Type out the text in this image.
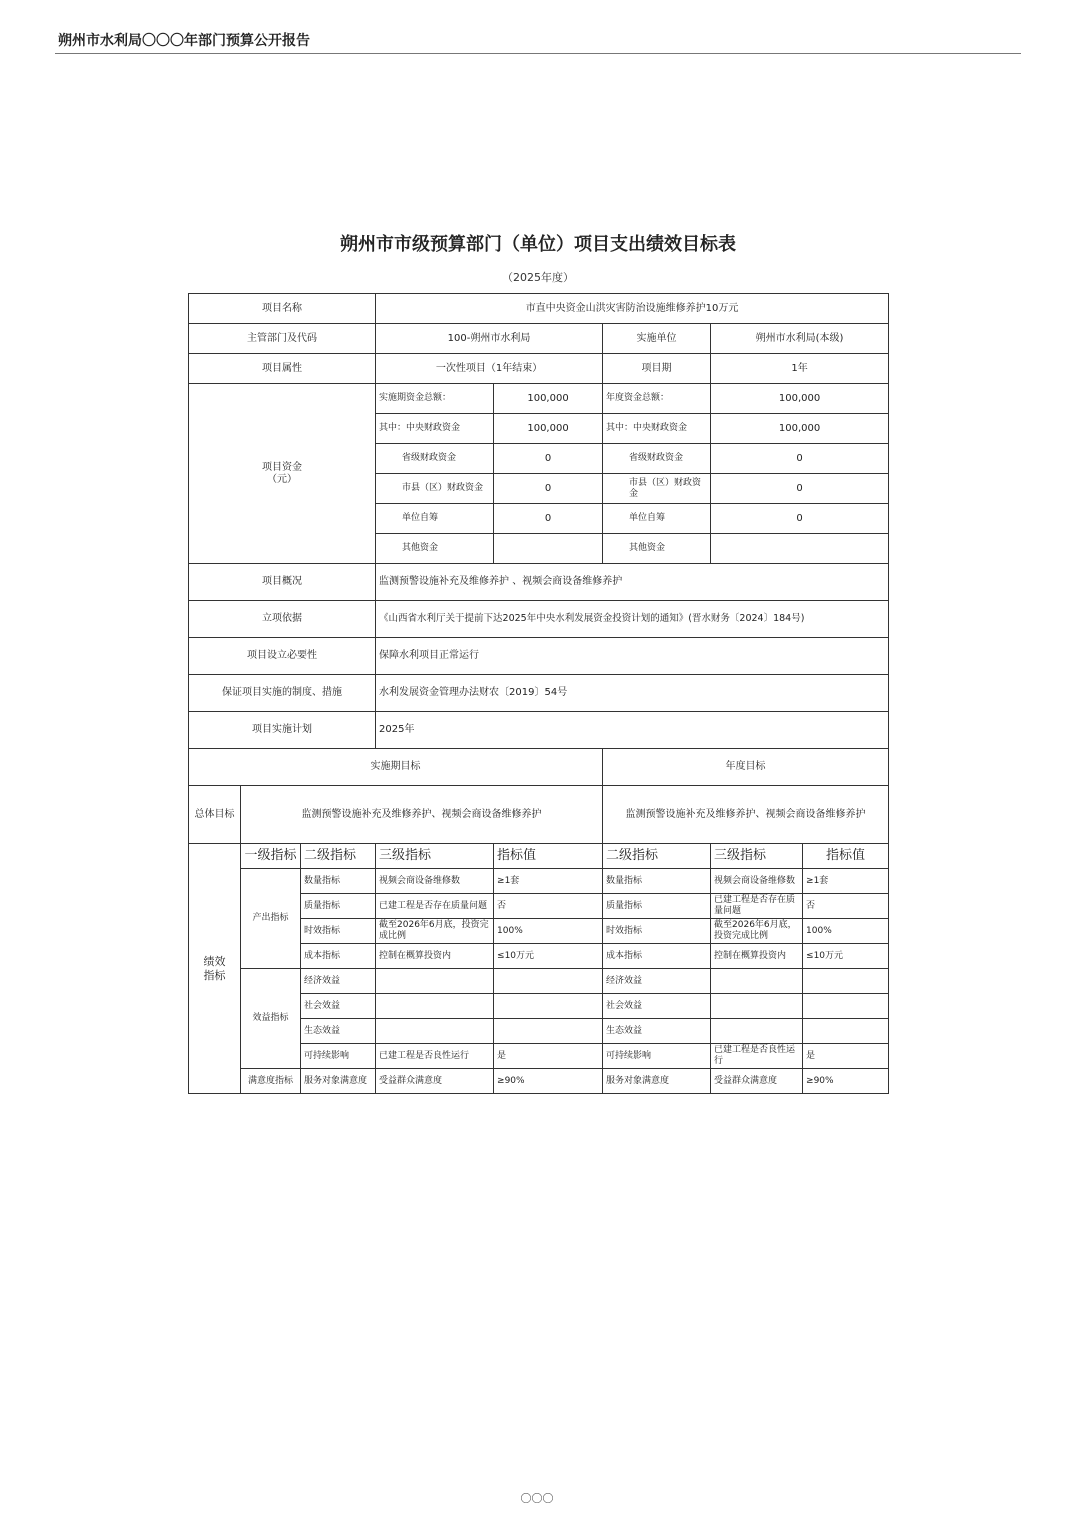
朔州市水利局〇〇〇年部门预算公开报告
朔州市市级预算部门（单位）项目支出绩效目标表
（2025年度）
项目名称			市直中央资金山洪灾害防治设施维修养护10万元				
主管部门及代码			100-朔州市水利局		实施单位	朔州市水利局(本级)	
项目属性			一次性项目（1年结束）		项目期	1年	

项目资金
（元）			实施期资金总额：	100,000	年度资金总额：	100,000	
			其中：中央财政资金	100,000	其中：中央财政资金	100,000	
			省级财政资金	0	省级财政资金	0	
			市县（区）财政资金	0	市县（区）财政资金	0	
			单位自筹	0	单位自筹	0	
			其他资金		其他资金		
项目概况			监测预警设施补充及维修养护 、视频会商设备维修养护				
立项依据			《山西省水利厅关于提前下达2025年中央水利发展资金投资计划的通知》(晋水财务〔2024〕184号)				
项目设立必要性			保障水利项目正常运行				
保证项目实施的制度、措施			水利发展资金管理办法财农〔2019〕54号				
项目实施计划			2025年				
实施期目标					年度目标		
总体目标	监测预警设施补充及维修养护、视频会商设备维修养护				监测预警设施补充及维修养护、视频会商设备维修养护		
绩效指标	一级指标	二级指标	三级指标	指标值	二级指标	三级指标	指标值
	产出指标	数量指标	视频会商设备维修数	≥1套	数量指标	视频会商设备维修数	≥1套
		质量指标	已建工程是否存在质量问题	否	质量指标	已建工程是否存在质量问题	否
		时效指标	截至2026年6月底，投资完成比例	100%	时效指标	截至2026年6月底，投资完成比例	100%
		成本指标	控制在概算投资内	≤10万元	成本指标	控制在概算投资内	≤10万元
	效益指标	经济效益			经济效益		
		社会效益			社会效益		
		生态效益			生态效益		
		可持续影响	已建工程是否良性运行	是	可持续影响	已建工程是否良性运行	是
	满意度指标	服务对象满意度	受益群众满意度	≥90%	服务对象满意度	受益群众满意度	≥90%
〇〇〇
